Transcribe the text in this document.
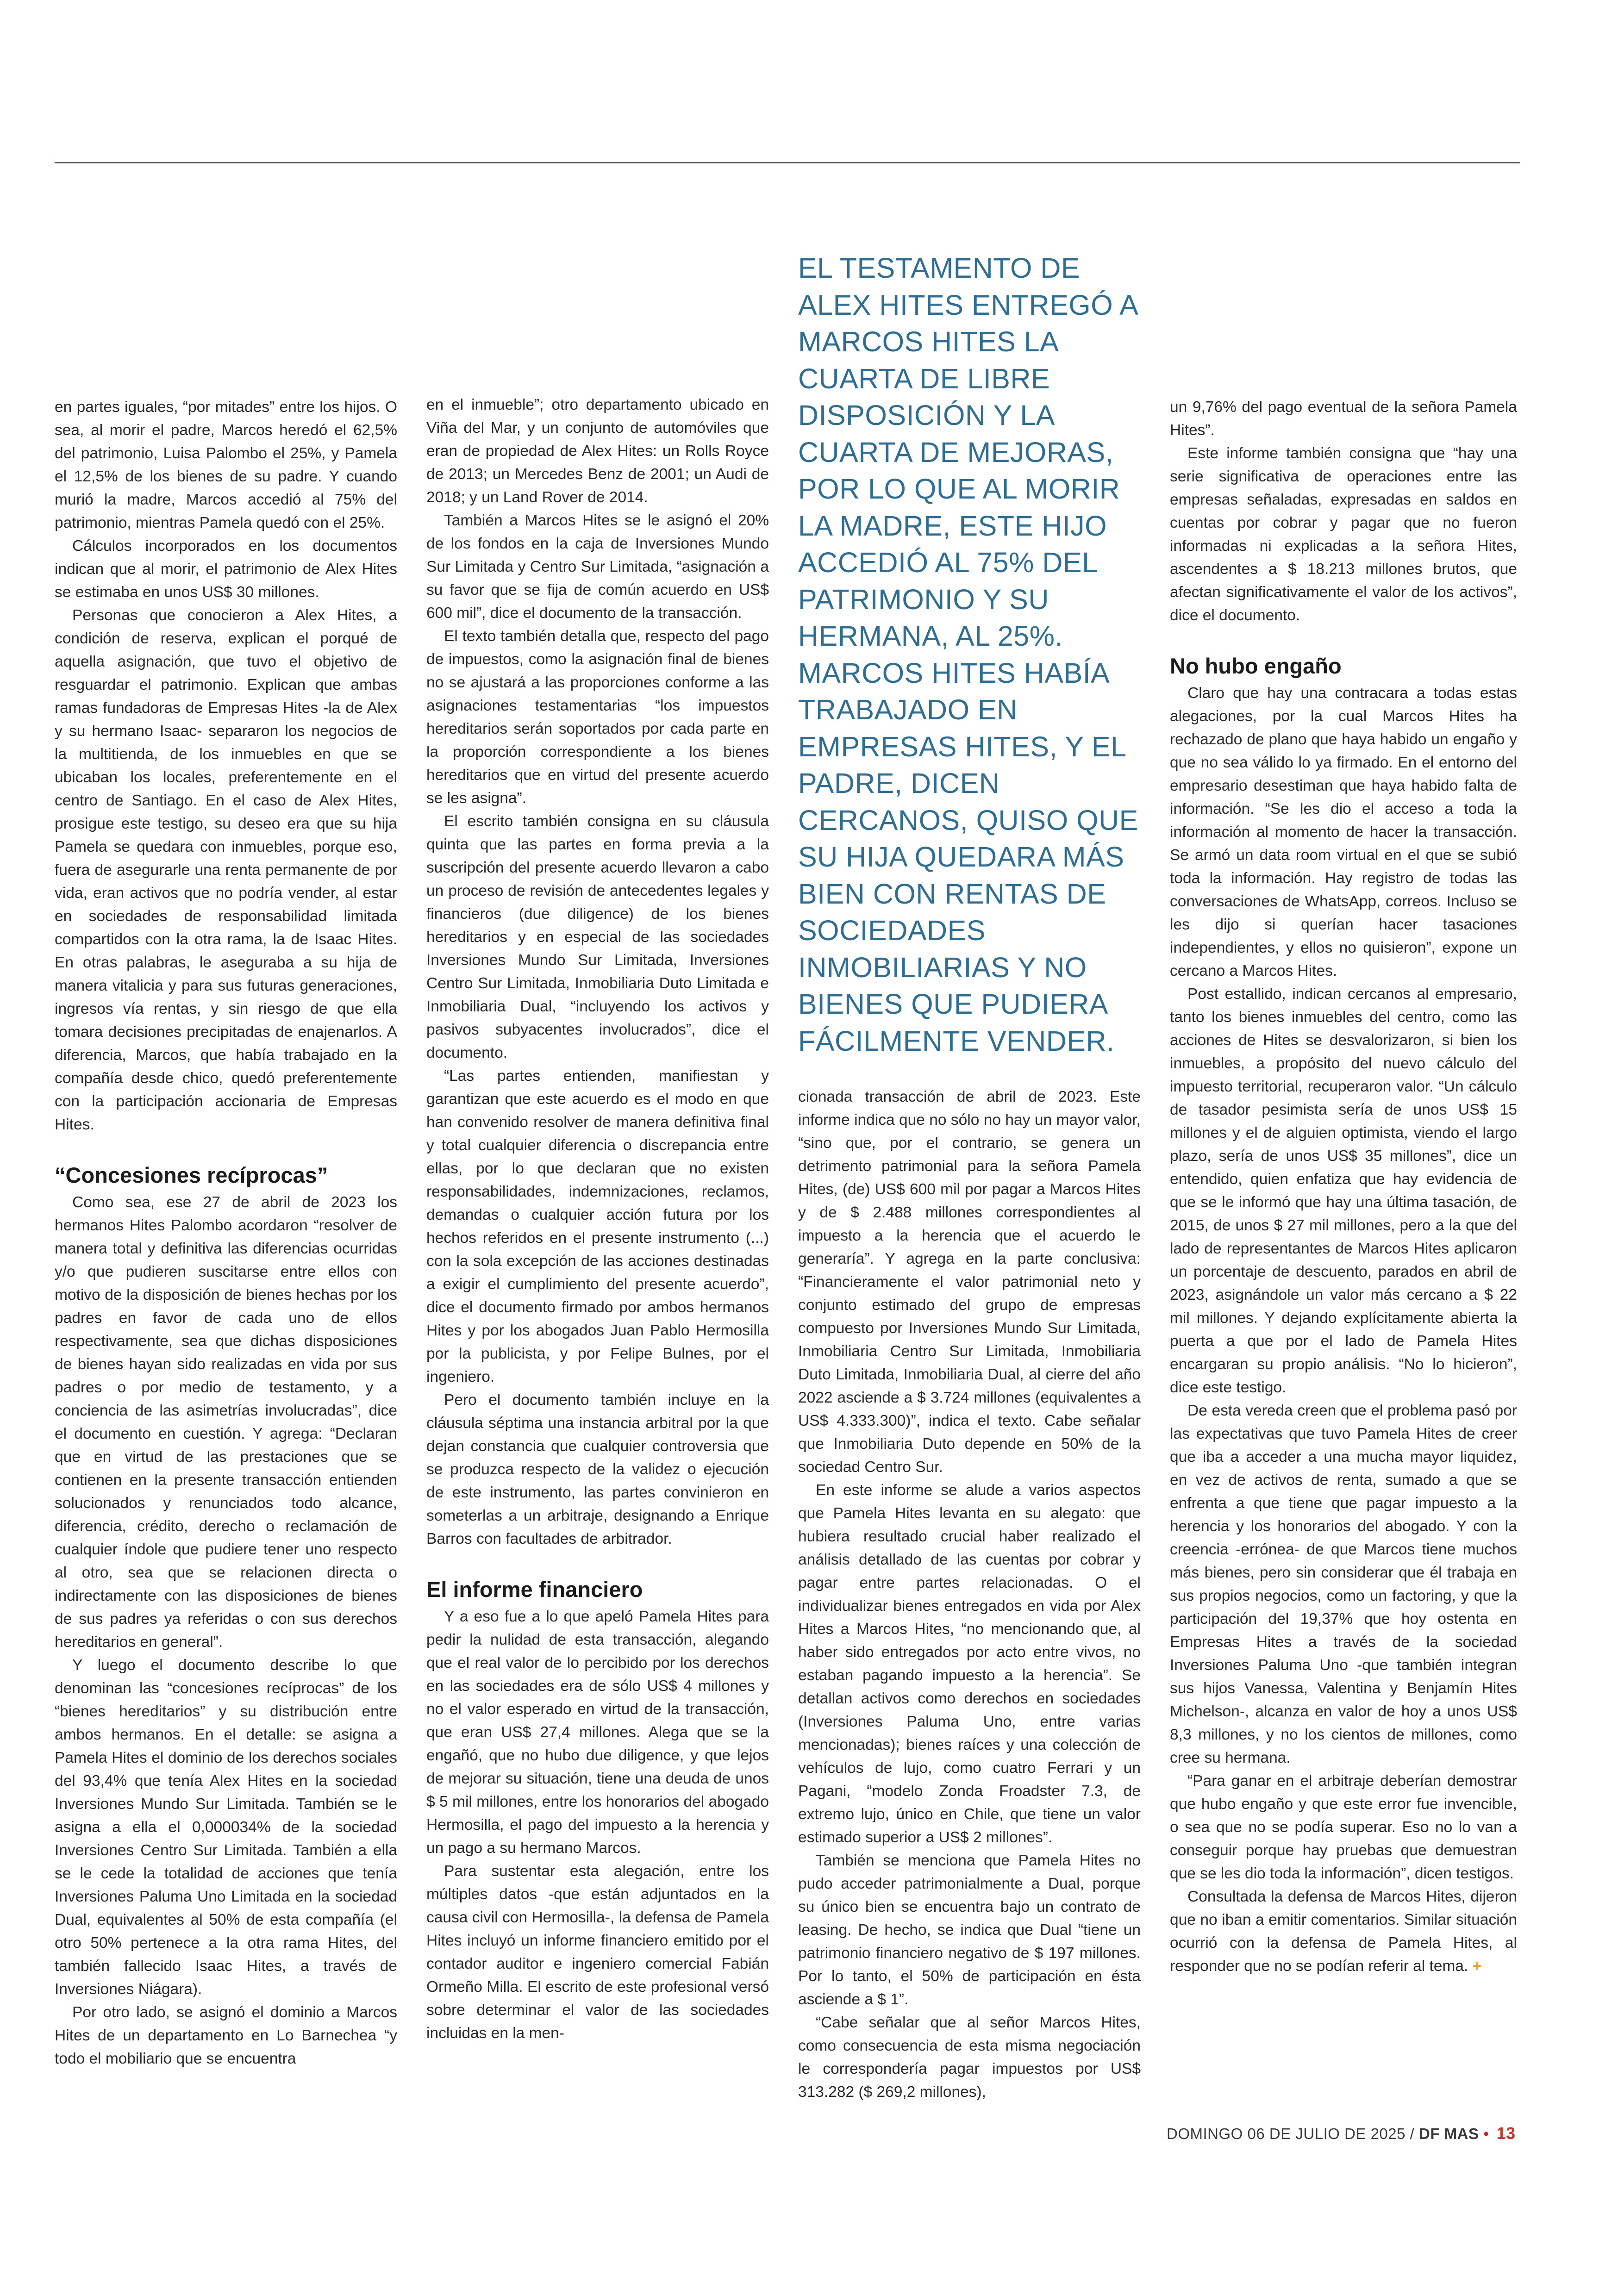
EL TESTAMENTO DE ALEX HITES ENTREGÓ A MARCOS HITES LA CUARTA DE LIBRE DISPOSICIÓN Y LA CUARTA DE MEJORAS, POR LO QUE AL MORIR LA MADRE, ESTE HIJO ACCEDIÓ AL 75% DEL PATRIMONIO Y SU HERMANA, AL 25%. MARCOS HITES HABÍA TRABAJADO EN EMPRESAS HITES, Y EL PADRE, DICEN CERCANOS, QUISO QUE SU HIJA QUEDARA MÁS BIEN CON RENTAS DE SOCIEDADES INMOBILIARIAS Y NO BIENES QUE PUDIERA FÁCILMENTE VENDER.

en partes iguales, “por mitades” entre los hijos. O sea, al morir el padre, Marcos heredó el 62,5% del patrimonio, Luisa Palombo el 25%, y Pamela el 12,5% de los bienes de su padre. Y cuando murió la madre, Marcos accedió al 75% del patrimonio, mientras Pamela quedó con el 25%.

Cálculos incorporados en los documentos indican que al morir, el patrimonio de Alex Hites se estimaba en unos US$ 30 millones.

Personas que conocieron a Alex Hites, a condición de reserva, explican el porqué de aquella asignación, que tuvo el objetivo de resguardar el patrimonio. Explican que ambas ramas fundadoras de Empresas Hites -la de Alex y su hermano Isaac- separaron los negocios de la multitienda, de los inmuebles en que se ubicaban los locales, preferentemente en el centro de Santiago. En el caso de Alex Hites, prosigue este testigo, su deseo era que su hija Pamela se quedara con inmuebles, porque eso, fuera de asegurarle una renta permanente de por vida, eran activos que no podría vender, al estar en sociedades de responsabilidad limitada compartidos con la otra rama, la de Isaac Hites. En otras palabras, le aseguraba a su hija de manera vitalicia y para sus futuras generaciones, ingresos vía rentas, y sin riesgo de que ella tomara decisiones precipitadas de enajenarlos. A diferencia, Marcos, que había trabajado en la compañía desde chico, quedó preferentemente con la participación accionaria de Empresas Hites.

“Concesiones recíprocas”

Como sea, ese 27 de abril de 2023 los hermanos Hites Palombo acordaron “resolver de manera total y definitiva las diferencias ocurridas y/o que pudieren suscitarse entre ellos con motivo de la disposición de bienes hechas por los padres en favor de cada uno de ellos respectivamente, sea que dichas disposiciones de bienes hayan sido realizadas en vida por sus padres o por medio de testamento, y a conciencia de las asimetrías involucradas”, dice el documento en cuestión. Y agrega: “Declaran que en virtud de las prestaciones que se contienen en la presente transacción entienden solucionados y renunciados todo alcance, diferencia, crédito, derecho o reclamación de cualquier índole que pudiere tener uno respecto al otro, sea que se relacionen directa o indirectamente con las disposiciones de bienes de sus padres ya referidas o con sus derechos hereditarios en general”.

Y luego el documento describe lo que denominan las “concesiones recíprocas” de los “bienes hereditarios” y su distribución entre ambos hermanos. En el detalle: se asigna a Pamela Hites el dominio de los derechos sociales del 93,4% que tenía Alex Hites en la sociedad Inversiones Mundo Sur Limitada. También se le asigna a ella el 0,000034% de la sociedad Inversiones Centro Sur Limitada. También a ella se le cede la totalidad de acciones que tenía Inversiones Paluma Uno Limitada en la sociedad Dual, equivalentes al 50% de esta compañía (el otro 50% pertenece a la otra rama Hites, del también fallecido Isaac Hites, a través de Inversiones Niágara).

Por otro lado, se asignó el dominio a Marcos Hites de un departamento en Lo Barnechea “y todo el mobiliario que se encuentra

en el inmueble”; otro departamento ubicado en Viña del Mar, y un conjunto de automóviles que eran de propiedad de Alex Hites: un Rolls Royce de 2013; un Mercedes Benz de 2001; un Audi de 2018; y un Land Rover de 2014.

También a Marcos Hites se le asignó el 20% de los fondos en la caja de Inversiones Mundo Sur Limitada y Centro Sur Limitada, “asignación a su favor que se fija de común acuerdo en US$ 600 mil”, dice el documento de la transacción.

El texto también detalla que, respecto del pago de impuestos, como la asignación final de bienes no se ajustará a las proporciones conforme a las asignaciones testamentarias “los impuestos hereditarios serán soportados por cada parte en la proporción correspondiente a los bienes hereditarios que en virtud del presente acuerdo se les asigna”.

El escrito también consigna en su cláusula quinta que las partes en forma previa a la suscripción del presente acuerdo llevaron a cabo un proceso de revisión de antecedentes legales y financieros (due diligence) de los bienes hereditarios y en especial de las sociedades Inversiones Mundo Sur Limitada, Inversiones Centro Sur Limitada, Inmobiliaria Duto Limitada e Inmobiliaria Dual, “incluyendo los activos y pasivos subyacentes involucrados”, dice el documento.

“Las partes entienden, manifiestan y garantizan que este acuerdo es el modo en que han convenido resolver de manera definitiva final y total cualquier diferencia o discrepancia entre ellas, por lo que declaran que no existen responsabilidades, indemnizaciones, reclamos, demandas o cualquier acción futura por los hechos referidos en el presente instrumento (...) con la sola excepción de las acciones destinadas a exigir el cumplimiento del presente acuerdo”, dice el documento firmado por ambos hermanos Hites y por los abogados Juan Pablo Hermosilla por la publicista, y por Felipe Bulnes, por el ingeniero.

Pero el documento también incluye en la cláusula séptima una instancia arbitral por la que dejan constancia que cualquier controversia que se produzca respecto de la validez o ejecución de este instrumento, las partes convinieron en someterlas a un arbitraje, designando a Enrique Barros con facultades de arbitrador.

El informe financiero

Y a eso fue a lo que apeló Pamela Hites para pedir la nulidad de esta transacción, alegando que el real valor de lo percibido por los derechos en las sociedades era de sólo US$ 4 millones y no el valor esperado en virtud de la transacción, que eran US$ 27,4 millones. Alega que se la engañó, que no hubo due diligence, y que lejos de mejorar su situación, tiene una deuda de unos $ 5 mil millones, entre los honorarios del abogado Hermosilla, el pago del impuesto a la herencia y un pago a su hermano Marcos.

Para sustentar esta alegación, entre los múltiples datos -que están adjuntados en la causa civil con Hermosilla-, la defensa de Pamela Hites incluyó un informe financiero emitido por el contador auditor e ingeniero comercial Fabián Ormeño Milla. El escrito de este profesional versó sobre determinar el valor de las sociedades incluidas en la men-

cionada transacción de abril de 2023. Este informe indica que no sólo no hay un mayor valor, “sino que, por el contrario, se genera un detrimento patrimonial para la señora Pamela Hites, (de) US$ 600 mil por pagar a Marcos Hites y de $ 2.488 millones correspondientes al impuesto a la herencia que el acuerdo le generaría”. Y agrega en la parte conclusiva: “Financieramente el valor patrimonial neto y conjunto estimado del grupo de empresas compuesto por Inversiones Mundo Sur Limitada, Inmobiliaria Centro Sur Limitada, Inmobiliaria Duto Limitada, Inmobiliaria Dual, al cierre del año 2022 asciende a $ 3.724 millones (equivalentes a US$ 4.333.300)”, indica el texto. Cabe señalar que Inmobiliaria Duto depende en 50% de la sociedad Centro Sur.

En este informe se alude a varios aspectos que Pamela Hites levanta en su alegato: que hubiera resultado crucial haber realizado el análisis detallado de las cuentas por cobrar y pagar entre partes relacionadas. O el individualizar bienes entregados en vida por Alex Hites a Marcos Hites, “no mencionando que, al haber sido entregados por acto entre vivos, no estaban pagando impuesto a la herencia”. Se detallan activos como derechos en sociedades (Inversiones Paluma Uno, entre varias mencionadas); bienes raíces y una colección de vehículos de lujo, como cuatro Ferrari y un Pagani, “modelo Zonda Froadster 7.3, de extremo lujo, único en Chile, que tiene un valor estimado superior a US$ 2 millones”.

También se menciona que Pamela Hites no pudo acceder patrimonialmente a Dual, porque su único bien se encuentra bajo un contrato de leasing. De hecho, se indica que Dual “tiene un patrimonio financiero negativo de $ 197 millones. Por lo tanto, el 50% de participación en ésta asciende a $ 1”.

“Cabe señalar que al señor Marcos Hites, como consecuencia de esta misma negociación le correspondería pagar impuestos por US$ 313.282 ($ 269,2 millones),

un 9,76% del pago eventual de la señora Pamela Hites”.

Este informe también consigna que “hay una serie significativa de operaciones entre las empresas señaladas, expresadas en saldos en cuentas por cobrar y pagar que no fueron informadas ni explicadas a la señora Hites, ascendentes a $ 18.213 millones brutos, que afectan significativamente el valor de los activos”, dice el documento.

No hubo engaño

Claro que hay una contracara a todas estas alegaciones, por la cual Marcos Hites ha rechazado de plano que haya habido un engaño y que no sea válido lo ya firmado. En el entorno del empresario desestiman que haya habido falta de información. “Se les dio el acceso a toda la información al momento de hacer la transacción. Se armó un data room virtual en el que se subió toda la información. Hay registro de todas las conversaciones de WhatsApp, correos. Incluso se les dijo si querían hacer tasaciones independientes, y ellos no quisieron”, expone un cercano a Marcos Hites.

Post estallido, indican cercanos al empresario, tanto los bienes inmuebles del centro, como las acciones de Hites se desvalorizaron, si bien los inmuebles, a propósito del nuevo cálculo del impuesto territorial, recuperaron valor. “Un cálculo de tasador pesimista sería de unos US$ 15 millones y el de alguien optimista, viendo el largo plazo, sería de unos US$ 35 millones”, dice un entendido, quien enfatiza que hay evidencia de que se le informó que hay una última tasación, de 2015, de unos $ 27 mil millones, pero a la que del lado de representantes de Marcos Hites aplicaron un porcentaje de descuento, parados en abril de 2023, asignándole un valor más cercano a $ 22 mil millones. Y dejando explícitamente abierta la puerta a que por el lado de Pamela Hites encargaran su propio análisis. “No lo hicieron”, dice este testigo.

De esta vereda creen que el problema pasó por las expectativas que tuvo Pamela Hites de creer que iba a acceder a una mucha mayor liquidez, en vez de activos de renta, sumado a que se enfrenta a que tiene que pagar impuesto a la herencia y los honorarios del abogado. Y con la creencia -errónea- de que Marcos tiene muchos más bienes, pero sin considerar que él trabaja en sus propios negocios, como un factoring, y que la participación del 19,37% que hoy ostenta en Empresas Hites a través de la sociedad Inversiones Paluma Uno -que también integran sus hijos Vanessa, Valentina y Benjamín Hites Michelson-, alcanza en valor de hoy a unos US$ 8,3 millones, y no los cientos de millones, como cree su hermana.

“Para ganar en el arbitraje deberían demostrar que hubo engaño y que este error fue invencible, o sea que no se podía superar. Eso no lo van a conseguir porque hay pruebas que demuestran que se les dio toda la información”, dicen testigos.

Consultada la defensa de Marcos Hites, dijeron que no iban a emitir comentarios. Similar situación ocurrió con la defensa de Pamela Hites, al responder que no se podían referir al tema. +

DOMINGO 06 DE JULIO DE 2025 / DF MAS • 13
